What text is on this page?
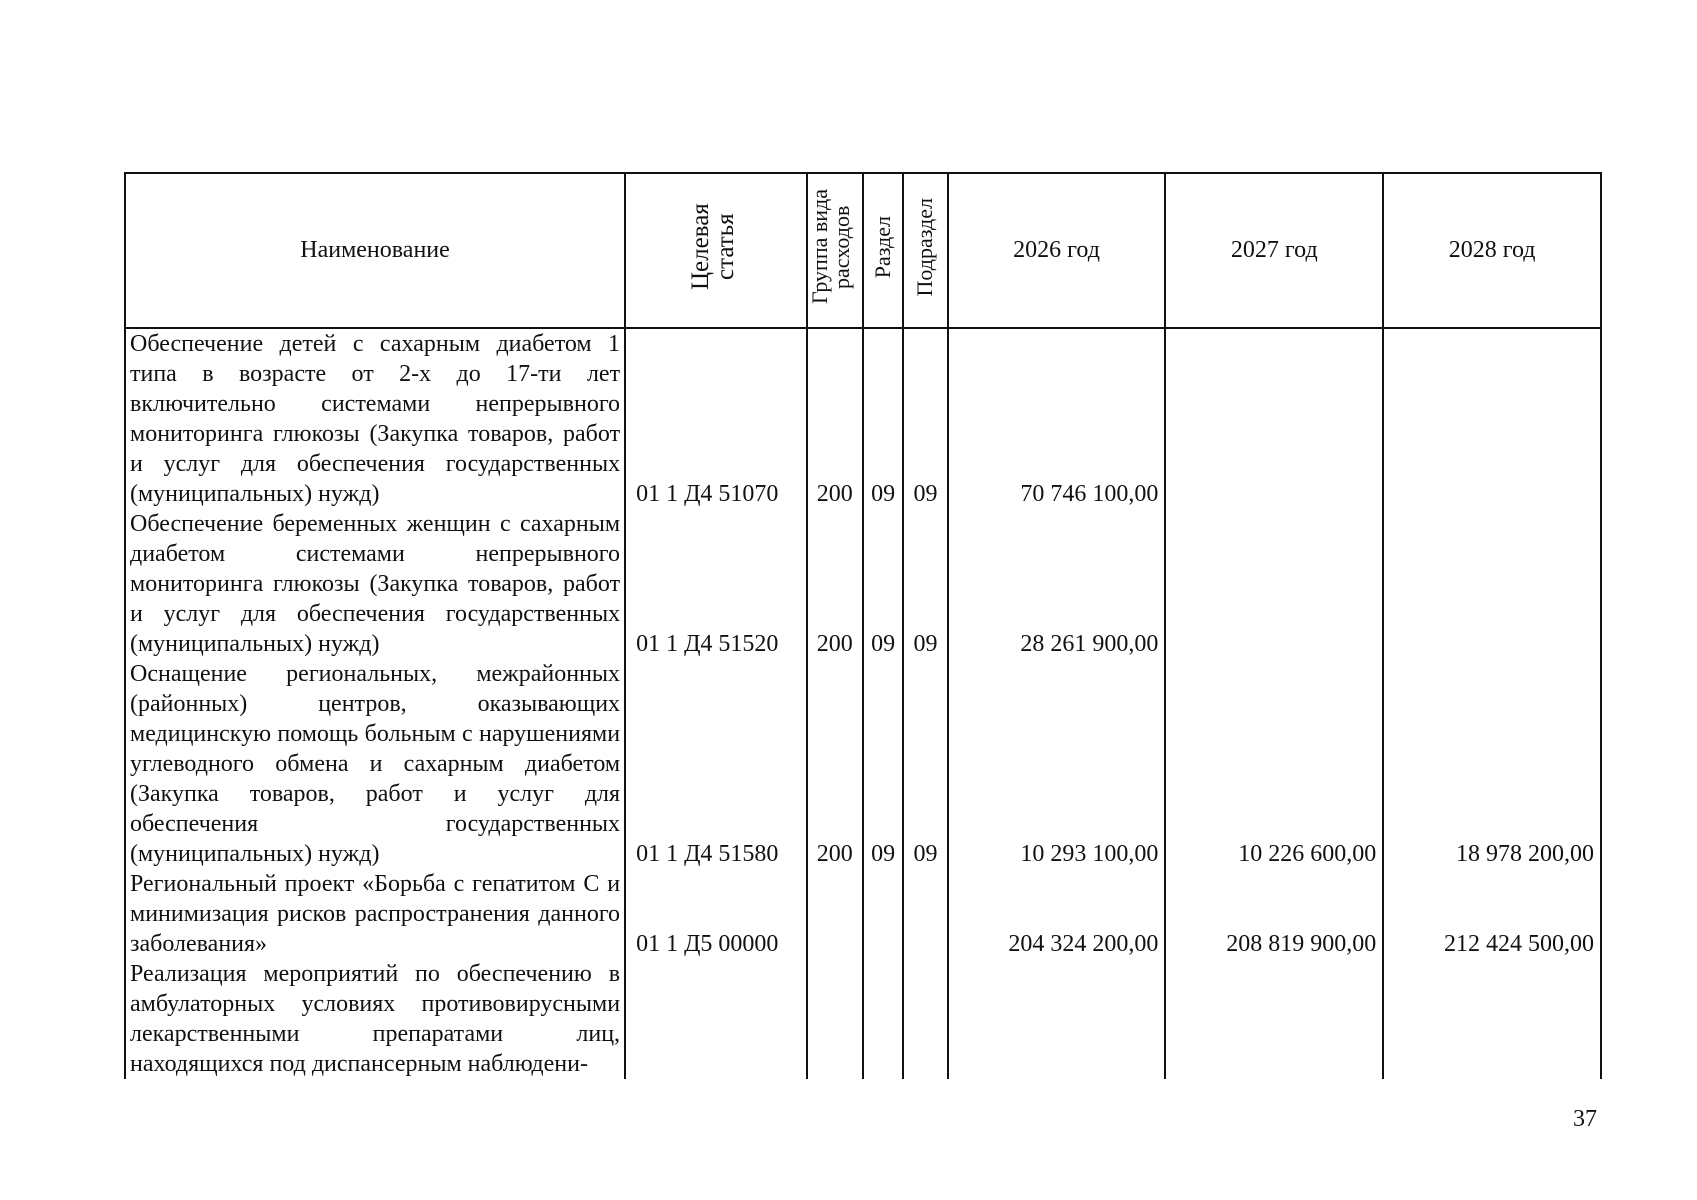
Наименование	Целевая статья	Группа вида расходов	Раздел	Подраздел	2026 год	2027 год	2028 год
Обеспечение детей с сахарным диабетом 1 типа в возрасте от 2-х до 17-ти лет включительно системами непрерывного мониторинга глюкозы (Закупка товаров, работ и услуг для обеспечения государственных (муниципальных) нужд)	01 1 Д4 51070	200	09	09	70 746 100,00		
Обеспечение беременных женщин с сахарным диабетом системами непрерывного мониторинга глюкозы (Закупка товаров, работ и услуг для обеспечения государственных (муниципальных) нужд)	01 1 Д4 51520	200	09	09	28 261 900,00		
Оснащение региональных, межрайонных (районных) центров, оказывающих медицинскую помощь больным с нарушениями углеводного обмена и сахарным диабетом (Закупка товаров, работ и услуг для обеспечения государственных (муниципальных) нужд)	01 1 Д4 51580	200	09	09	10 293 100,00	10 226 600,00	18 978 200,00
Региональный проект «Борьба с гепатитом С и минимизация рисков распространения данного заболевания»	01 1 Д5 00000				204 324 200,00	208 819 900,00	212 424 500,00
Реализация мероприятий по обеспечению в амбулаторных условиях противовирусными лекарственными препаратами лиц, находящихся под диспансерным наблюдени-							
37
